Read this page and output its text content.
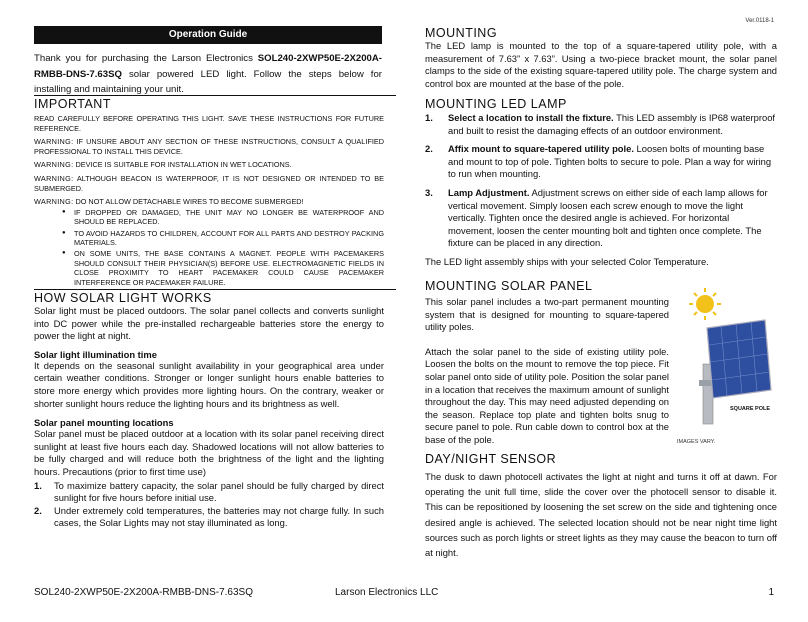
Ver.0118-1
Operation Guide

Thank you for purchasing the Larson Electronics SOL240-2XWP50E-2X200A-RMBB-DNS-7.63SQ solar powered LED light. Follow the steps below for installing and maintaining your unit.

IMPORTANT

READ CAREFULLY BEFORE OPERATING THIS LIGHT. SAVE THESE INSTRUCTIONS FOR FUTURE REFERENCE.

WARNING: IF UNSURE ABOUT ANY SECTION OF THESE INSTRUCTIONS, CONSULT A QUALIFIED PROFESSIONAL TO INSTALL THIS DEVICE.

WARNING: DEVICE IS SUITABLE FOR INSTALLATION IN WET LOCATIONS.

WARNING: ALTHOUGH BEACON IS WATERPROOF, IT IS NOT DESIGNED OR INTENDED TO BE SUBMERGED.

WARNING: DO NOT ALLOW DETACHABLE WIRES TO BECOME SUBMERGED!

● IF DROPPED OR DAMAGED, THE UNIT MAY NO LONGER BE WATERPROOF AND SHOULD BE REPLACED.
● TO AVOID HAZARDS TO CHILDREN, ACCOUNT FOR ALL PARTS AND DESTROY PACKING MATERIALS.
● ON SOME UNITS, THE BASE CONTAINS A MAGNET. PEOPLE WITH PACEMAKERS SHOULD CONSULT THEIR PHYSICIAN(S) BEFORE USE. ELECTROMAGNETIC FIELDS IN CLOSE PROXIMITY TO HEART PACEMAKER COULD CAUSE PACEMAKER INTERFERENCE OR PACEMAKER FAILURE.
HOW SOLAR LIGHT WORKS

Solar light must be placed outdoors. The solar panel collects and converts sunlight into DC power while the pre-installed rechargeable batteries store the energy to power the light at night.

Solar light illumination time

It depends on the seasonal sunlight availability in your geographical area under certain weather conditions. Stronger or longer sunlight hours enable batteries to store more energy which provides more lighting hours. On the contrary, weaker or shorter sunlight hours reduce the lighting hours and its brightness as well.

Solar panel mounting locations

Solar panel must be placed outdoor at a location with its solar panel receiving direct sunlight at least five hours each day. Shadowed locations will not allow batteries to be fully charged and will reduce both the brightness of the light and the lighting hours. Precautions (prior to first time use)

1. To maximize battery capacity, the solar panel should be fully charged by direct sunlight for five hours before initial use.
2. Under extremely cold temperatures, the batteries may not charge fully. In such cases, the Solar Lights may not stay illuminated as long.
MOUNTING

The LED lamp is mounted to the top of a square-tapered utility pole, with a measurement of 7.63” x 7.63”. Using a two-piece bracket mount, the solar panel clamps to the side of the existing square-tapered utility pole. The charge system and control box are mounted at the base of the pole.

MOUNTING LED LAMP
1. Select a location to install the fixture. This LED assembly is IP68 waterproof and built to resist the damaging effects of an outdoor environment.
2. Affix mount to square-tapered utility pole. Loosen bolts of mounting base and mount to top of pole. Tighten bolts to secure to pole. Plan a way for wiring to run when mounting.
3. Lamp Adjustment. Adjustment screws on either side of each lamp allows for vertical movement. Simply loosen each screw enough to move the light vertically. Tighten once the desired angle is achieved. For horizontal movement, loosen the center mounting bolt and tighten once complete. The fixture can be placed in any direction.

The LED light assembly ships with your selected Color Temperature.

MOUNTING SOLAR PANEL

This solar panel includes a two-part permanent mounting system that is designed for mounting to square-tapered utility poles.

Attach the solar panel to the side of existing utility pole. Loosen the bolts on the mount to remove the top piece. Fit solar panel onto side of utility pole. Position the solar panel in a location that receives the maximum amount of sunlight throughout the day. This may need adjusted depending on the season. Replace top plate and tighten bolts snug to secure panel to pole. Run cable down to control box at the base of the pole.

SQUARE POLE
IMAGES VARY.
DAY/NIGHT SENSOR

The dusk to dawn photocell activates the light at night and turns it off at dawn. For operating the unit full time, slide the cover over the photocell sensor to disable it. This can be repositioned by loosening the set screw on the side and tightening once desired angle is achieved. The selected location should not be near night time light sources such as porch lights or street lights as they may cause the beacon to turn off at night.

SOL240-2XWP50E-2X200A-RMBB-DNS-7.63SQ	Larson Electronics LLC	1
